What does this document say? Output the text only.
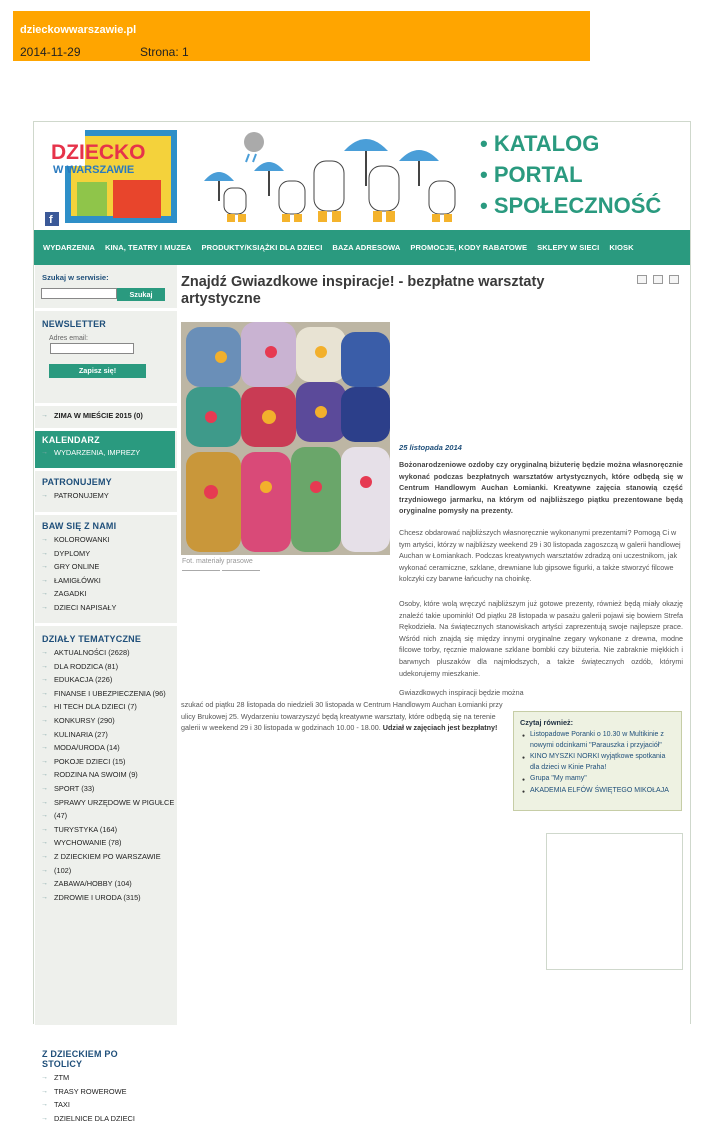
dzieckowwarszawie.pl
2014-11-29	Strona: 1
DZIECKO
W WARSZAWIE
f
• KATALOG
• PORTAL
• SPOŁECZNOŚĆ
WYDARZENIA	KINA, TEATRY I MUZEA	PRODUKTY/KSIĄŻKI DLA DZIECI	BAZA ADRESOWA	PROMOCJE, KODY RABATOWE	SKLEPY W SIECI	KIOSK
Szukaj w serwisie:
Szukaj
NEWSLETTER
Adres email:
Zapisz się!
→ ZIMA W MIEŚCIE 2015 (0)
KALENDARZ
→ WYDARZENIA, IMPREZY
PATRONUJEMY
→ PATRONUJEMY
BAW SIĘ Z NAMI
→ KOLOROWANKI
→ DYPLOMY
→ GRY ONLINE
→ ŁAMIGŁÓWKI
→ ZAGADKI
→ DZIECI NAPISAŁY
DZIAŁY TEMATYCZNE
→ AKTUALNOŚCI (2628)
→ DLA RODZICA (81)
→ EDUKACJA (226)
→ FINANSE I UBEZPIECZENIA (96)
→ HI TECH DLA DZIECI (7)
→ KONKURSY (290)
→ KULINARIA (27)
→ MODA/URODA (14)
→ POKOJE DZIECI (15)
→ RODZINA NA SWOIM (9)
→ SPORT (33)
→ SPRAWY URZĘDOWE W PIGUŁCE
→ (47)
→ TURYSTYKA (164)
→ WYCHOWANIE (78)
→ Z DZIECKIEM PO WARSZAWIE
→ (102)
→ ZABAWA/HOBBY (104)
→ ZDROWIE I URODA (315)
Z DZIECKIEM PO
STOLICY
→ ZTM
→ TRASY ROWEROWE
→ TAXI
→ DZIELNICE DLA DZIECI
Znajdź Gwiazdkowe inspiracje! - bezpłatne warsztaty artystyczne
Fot. materiały prasowe
25 listopada 2014
Bożonarodzeniowe ozdoby czy oryginalną biżuterię będzie można własnoręcznie wykonać podczas bezpłatnych warsztatów artystycznych, które odbędą się w Centrum Handlowym Auchan Łomianki. Kreatywne zajęcia stanowią część trzydniowego jarmarku, na którym od najbliższego piątku prezentowane będą oryginalne pomysły na prezenty.
Chcesz obdarować najbliższych własnoręcznie wykonanymi prezentami? Pomogą Ci w tym artyści, którzy w najbliższy weekend 29 i 30 listopada zagoszczą w galerii handlowej Auchan w Łomiankach. Podczas kreatywnych warsztatów zdradzą oni uczestnikom, jak wykonać ceramiczne, szklane, drewniane lub gipsowe figurki, a także stworzyć filcowe kolczyki czy barwne łańcuchy na choinkę.
Osoby, które wolą wręczyć najbliższym już gotowe prezenty, również będą miały okazję znaleźć takie upominki! Od piątku 28 listopada w pasażu galerii pojawi się bowiem Strefa Rękodzieła. Na świątecznych stanowiskach artyści zaprezentują swoje najlepsze prace. Wśród nich znajdą się między innymi oryginalne zegary wykonane z drewna, modne filcowe torby, ręcznie malowane szklane bombki czy biżuteria. Nie zabraknie miękkich i barwnych pluszaków dla najmłodszych, a także świątecznych ozdób, którymi udekorujemy mieszkanie.
Gwiazdkowych inspiracji będzie można
szukać od piątku 28 listopada do niedzieli 30 listopada w Centrum Handlowym Auchan Łomianki przy ulicy Brukowej 25. Wydarzeniu towarzyszyć będą kreatywne warsztaty, które odbędą się na terenie galerii w weekend 29 i 30 listopada w godzinach 10.00 - 18.00. Udział w zajęciach jest bezpłatny!
Czytaj również:
● Listopadowe Poranki o 10.30 w Multikinie z nowymi odcinkami "Parauszka i przyjaciół"
● KINO MYSZKI NORKI wyjątkowe spotkania dla dzieci w Kinie Praha!
● Grupa "My mamy"
● AKADEMIA ELFÓW ŚWIĘTEGO MIKOŁAJA
